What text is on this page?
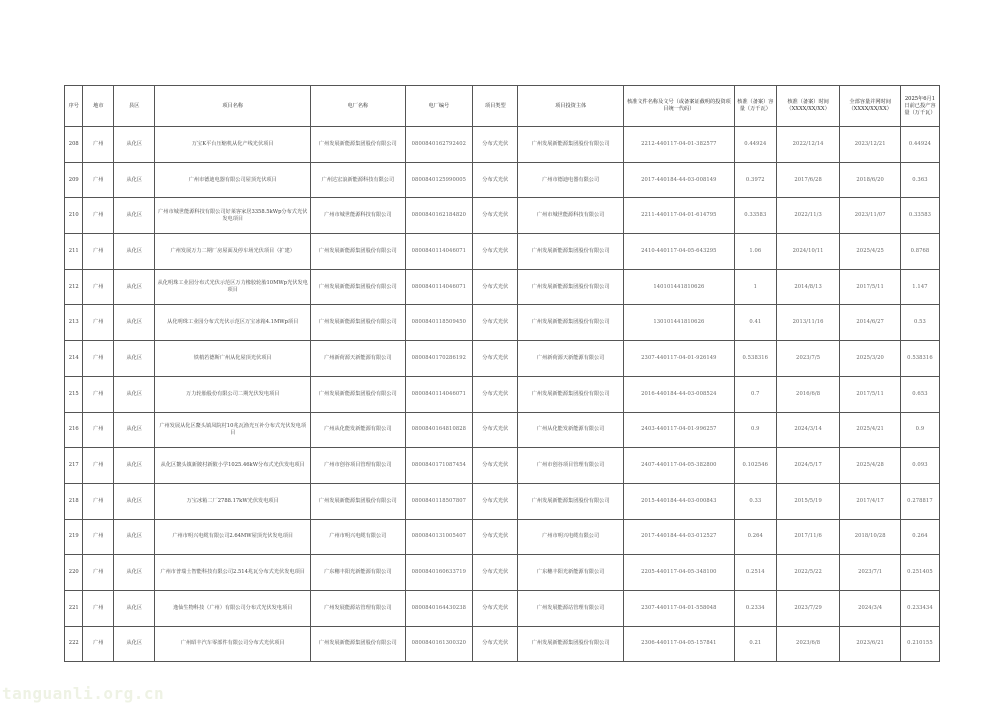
序号	地市	县区	项目名称	电厂名称	电厂编号	项目类型	项目投资主体	核准文件名称及文号（或备案证截明的投资项目统一代码）	核准（备案）容量（万千瓦）	核准（备案）时间（XXXX/XX/XX）	全部容量并网时间（XXXX/XX/XX）	2025年6月1日前已投产容量（万千瓦）
208	广州	从化区	万宝K平台压缩机从化产线光伏项目	广州发展新能源集团股份有限公司	0800840162792402	分布式光伏	广州发展新能源集团股份有限公司	2212-440117-04-01-382577	0.44924	2022/12/14	2023/12/21	0.44924
209	广州	从化区	广州市德迪电器有限公司屋顶光伏项目	广州达宏浪新能源科技有限公司	0800840125990005	分布式光伏	广州市德迪电器有限公司	2017-440184-44-03-008149	0.3972	2017/6/28	2018/6/20	0.363
210	广州	从化区	广州市城世能源科技有限公司好莱客家居3358.5kWp分布式光伏发电项目	广州市城世能源科技有限公司	0800840162184820	分布式光伏	广州市城世能源科技有限公司	2211-440117-04-01-614795	0.33583	2022/11/3	2023/11/07	0.33583
211	广州	从化区	广州发展万力二期厂房屋面及停车场光伏项目（扩建）	广州发展新能源集团股份有限公司	0800840114046071	分布式光伏	广州发展新能源集团股份有限公司	2410-440117-04-05-643295	1.06	2024/10/11	2025/4/25	0.8768
212	广州	从化区	从化明珠工业园分布式光伏示范区万力橡胶轮胎10MWp光伏发电项目	广州发展新能源集团股份有限公司	0800840114046071	分布式光伏	广州发展新能源集团股份有限公司	140101441810626	1	2014/8/13	2017/5/11	1.147
213	广州	从化区	从化明珠工业园分布式光伏示范区万宝冰箱4.1MWp项目	广州发展新能源集团股份有限公司	0800840118509450	分布式光伏	广州发展新能源集团股份有限公司	130101441810626	0.41	2013/11/16	2014/6/27	0.53
214	广州	从化区	铁梢若德斯广州从化屋顶光伏项目	广州新荷源天新能源有限公司	0800840170286192	分布式光伏	广州新荷源天新能源有限公司	2307-440117-04-01-926149	0.538316	2023/7/5	2025/3/20	0.538316
215	广州	从化区	万力轮胎股份有限公司二期光伏发电项目	广州发展新能源集团股份有限公司	0800840114046071	分布式光伏	广州发展新能源集团股份有限公司	2016-440184-44-03-008524	0.7	2016/6/8	2017/5/11	0.653
216	广州	从化区	广州发展从化区鳌头镇凤院村10兆瓦渔光互补分布式光伏发电项目	广州从化能发新能源有限公司	0800840164810828	分布式光伏	广州从化能发新能源有限公司	2403-440117-04-01-996257	0.9	2024/3/14	2025/4/21	0.9
217	广州	从化区	从化区鳌头镇新陂村新陂小学1025.46kW分布式光伏发电项目	广州市创谷项目管理有限公司	0800840171087454	分布式光伏	广州市创谷项目管理有限公司	2407-440117-04-05-382800	0.102546	2024/5/17	2025/4/28	0.093
218	广州	从化区	万宝冰箱二厂2788.17kW光伏发电项目	广州发展新能源集团股份有限公司	0800840118507807	分布式光伏	广州发展新能源集团股份有限公司	2015-440184-44-03-000843	0.33	2015/5/19	2017/4/17	0.278817
219	广州	从化区	广州市明兴电缆有限公司2.64MW屋顶光伏发电项目	广州市明兴电缆有限公司	0800840131005407	分布式光伏	广州市明兴电缆有限公司	2017-440184-44-03-012527	0.264	2017/11/6	2018/10/28	0.264
220	广州	从化区	广州市普瑞士智能科技有限公司2.514兆瓦分布式光伏发电项目	广东穗丰阳光新能源有限公司	0800840160633719	分布式光伏	广东穗丰阳光新能源有限公司	2205-440117-04-05-348100	0.2514	2022/5/22	2023/7/1	0.251405
221	广州	从化区	逸仙生物科技（广州）有限公司分布式光伏发电项目	广州发展能源站管理有限公司	0800840164430238	分布式光伏	广州发展能源站管理有限公司	2307-440117-04-01-558048	0.2334	2023/7/29	2024/3/4	0.233434
222	广州	从化区	广州昭丰汽车零部件有限公司分布式光伏项目	广州发展新能源集团股份有限公司	0800840161300320	分布式光伏	广州发展新能源集团股份有限公司	2306-440117-04-05-157841	0.21	2023/6/8	2023/6/21	0.210155
tanguanli.org.cn
